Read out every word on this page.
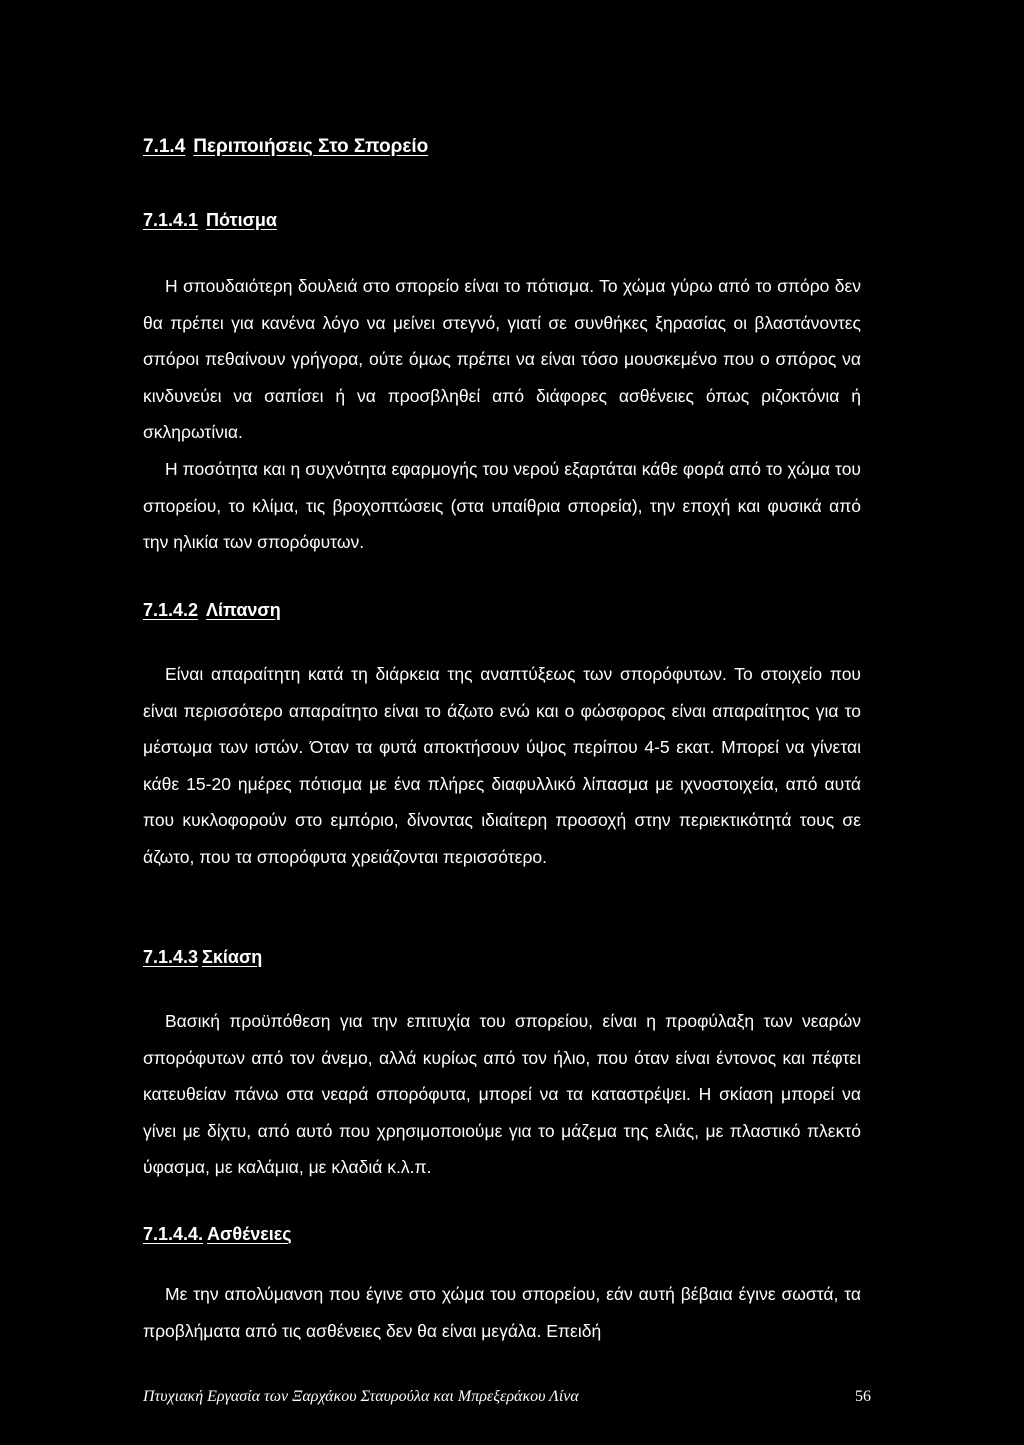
7.1.4 Περιποιήσεις Στο Σπορείο
7.1.4.1 Πότισμα

Η σπουδαιότερη δουλειά στο σπορείο είναι το πότισμα. Το χώμα γύρω από το σπόρο δεν θα πρέπει για κανένα λόγο να μείνει στεγνό, γιατί σε συνθήκες ξηρασίας οι βλαστάνοντες σπόροι πεθαίνουν γρήγορα, ούτε όμως πρέπει να είναι τόσο μουσκεμένο που ο σπόρος να κινδυνεύει να σαπίσει ή να προσβληθεί από διάφορες ασθένειες όπως ριζοκτόνια ή σκληρωτίνια.

Η ποσότητα και η συχνότητα εφαρμογής του νερού εξαρτάται κάθε φορά από το χώμα του σπορείου, το κλίμα, τις βροχοπτώσεις (στα υπαίθρια σπορεία), την εποχή και φυσικά από την ηλικία των σπορόφυτων.

7.1.4.2 Λίπανση

Είναι απαραίτητη κατά τη διάρκεια της αναπτύξεως των σπορόφυτων. Το στοιχείο που είναι περισσότερο απαραίτητο είναι το άζωτο ενώ και ο φώσφορος είναι απαραίτητος για το μέστωμα των ιστών. Όταν τα φυτά αποκτήσουν ύψος περίπου 4-5 εκατ. Μπορεί να γίνεται κάθε 15-20 ημέρες πότισμα με ένα πλήρες διαφυλλικό λίπασμα με ιχνοστοιχεία, από αυτά που κυκλοφορούν στο εμπόριο, δίνοντας ιδιαίτερη προσοχή στην περιεκτικότητά τους σε άζωτο, που τα σπορόφυτα χρειάζονται περισσότερο.

7.1.4.3 Σκίαση

Βασική προϋπόθεση για την επιτυχία του σπορείου, είναι η προφύλαξη των νεαρών σπορόφυτων από τον άνεμο, αλλά κυρίως από τον ήλιο, που όταν είναι έντονος και πέφτει κατευθείαν πάνω στα νεαρά σπορόφυτα, μπορεί να τα καταστρέψει. Η σκίαση μπορεί να γίνει με δίχτυ, από αυτό που χρησιμοποιούμε για το μάζεμα της ελιάς, με πλαστικό πλεκτό ύφασμα, με καλάμια, με κλαδιά κ.λ.π.

7.1.4.4. Ασθένειες

Με την απολύμανση που έγινε στο χώμα του σπορείου, εάν αυτή βέβαια έγινε σωστά, τα προβλήματα από τις ασθένειες δεν θα είναι μεγάλα. Επειδή

Πτυχιακή Εργασία των Ξαρχάκου Σταυρούλα και Μπρεξεράκου Λίνα	56
